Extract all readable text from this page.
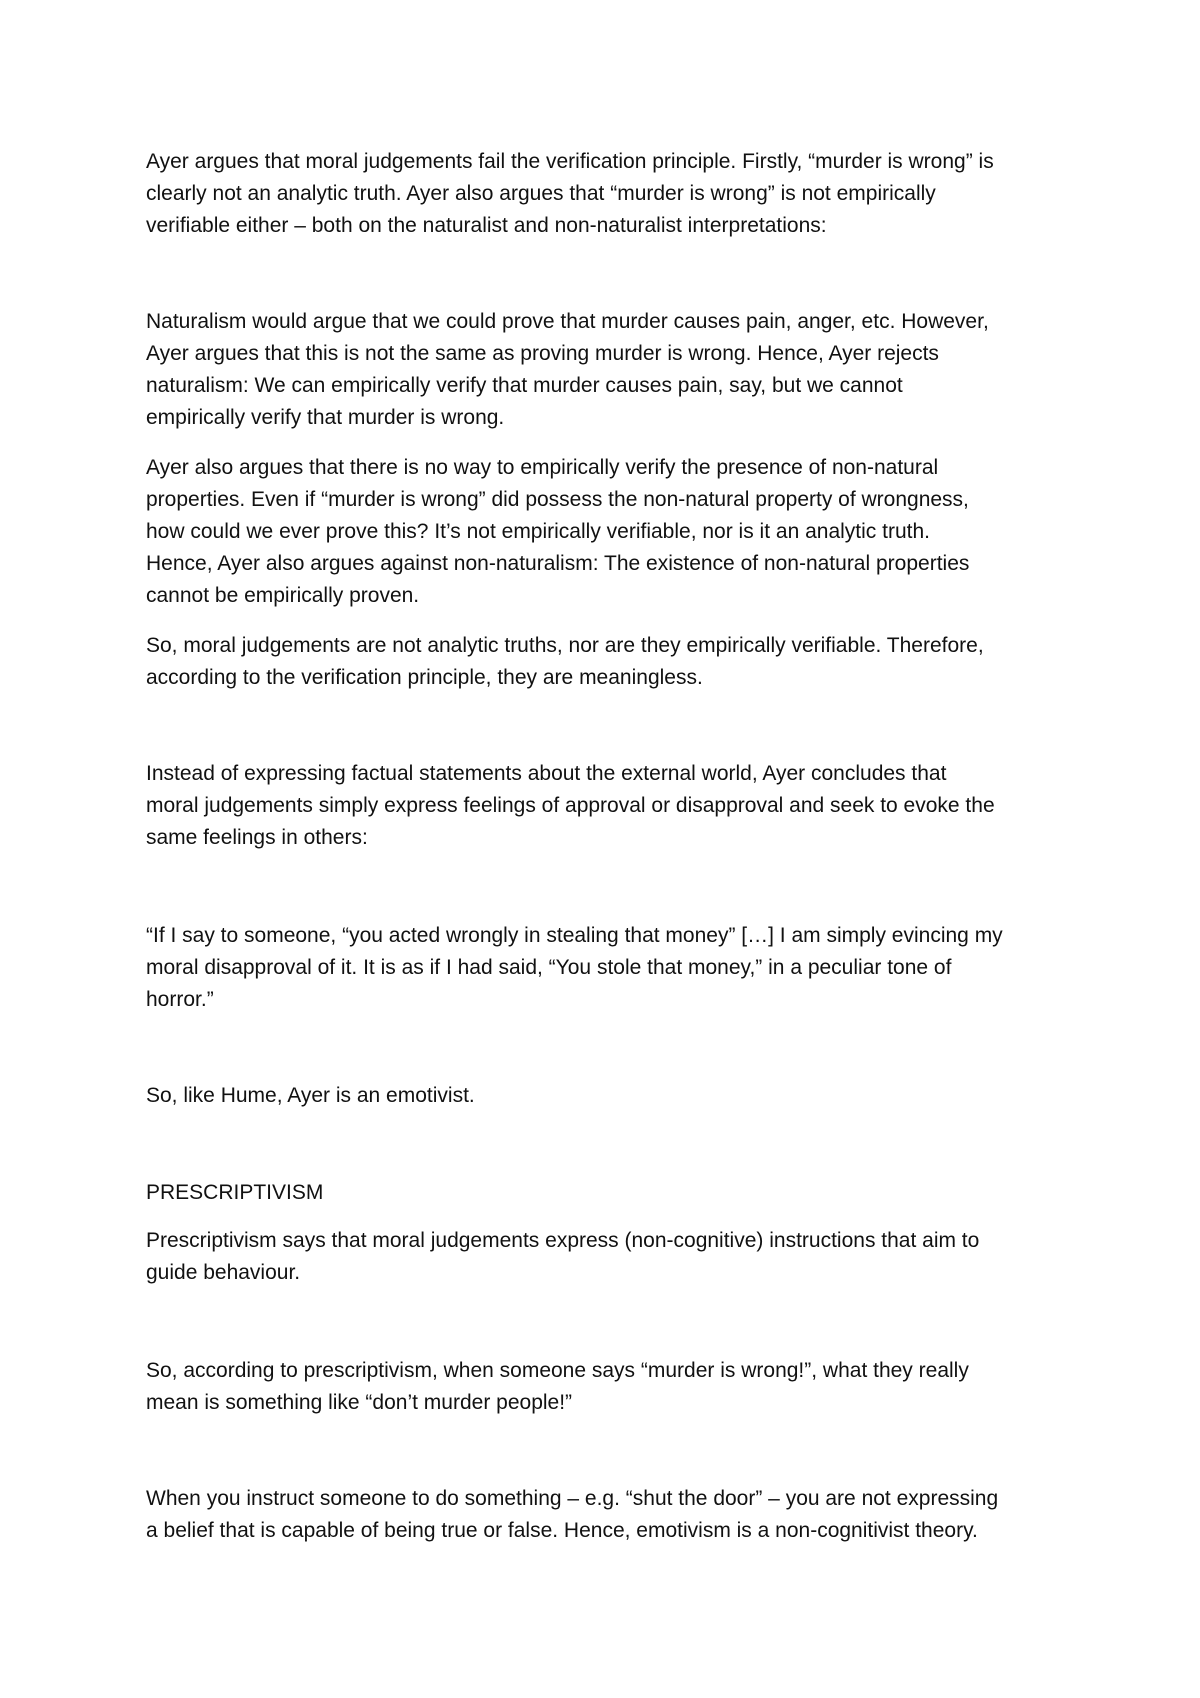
Ayer argues that moral judgements fail the verification principle. Firstly, “murder is wrong” is
clearly not an analytic truth. Ayer also argues that “murder is wrong” is not empirically
verifiable either – both on the naturalist and non-naturalist interpretations:

Naturalism would argue that we could prove that murder causes pain, anger, etc. However,
Ayer argues that this is not the same as proving murder is wrong. Hence, Ayer rejects
naturalism: We can empirically verify that murder causes pain, say, but we cannot
empirically verify that murder is wrong.

Ayer also argues that there is no way to empirically verify the presence of non-natural
properties. Even if “murder is wrong” did possess the non-natural property of wrongness,
how could we ever prove this? It’s not empirically verifiable, nor is it an analytic truth.
Hence, Ayer also argues against non-naturalism: The existence of non-natural properties
cannot be empirically proven.

So, moral judgements are not analytic truths, nor are they empirically verifiable. Therefore,
according to the verification principle, they are meaningless.

Instead of expressing factual statements about the external world, Ayer concludes that
moral judgements simply express feelings of approval or disapproval and seek to evoke the
same feelings in others:

“If I say to someone, “you acted wrongly in stealing that money” […] I am simply evincing my
moral disapproval of it. It is as if I had said, “You stole that money,” in a peculiar tone of
horror.”

So, like Hume, Ayer is an emotivist.

PRESCRIPTIVISM

Prescriptivism says that moral judgements express (non-cognitive) instructions that aim to
guide behaviour.

So, according to prescriptivism, when someone says “murder is wrong!”, what they really
mean is something like “don’t murder people!”

When you instruct someone to do something – e.g. “shut the door” – you are not expressing
a belief that is capable of being true or false. Hence, emotivism is a non-cognitivist theory.
